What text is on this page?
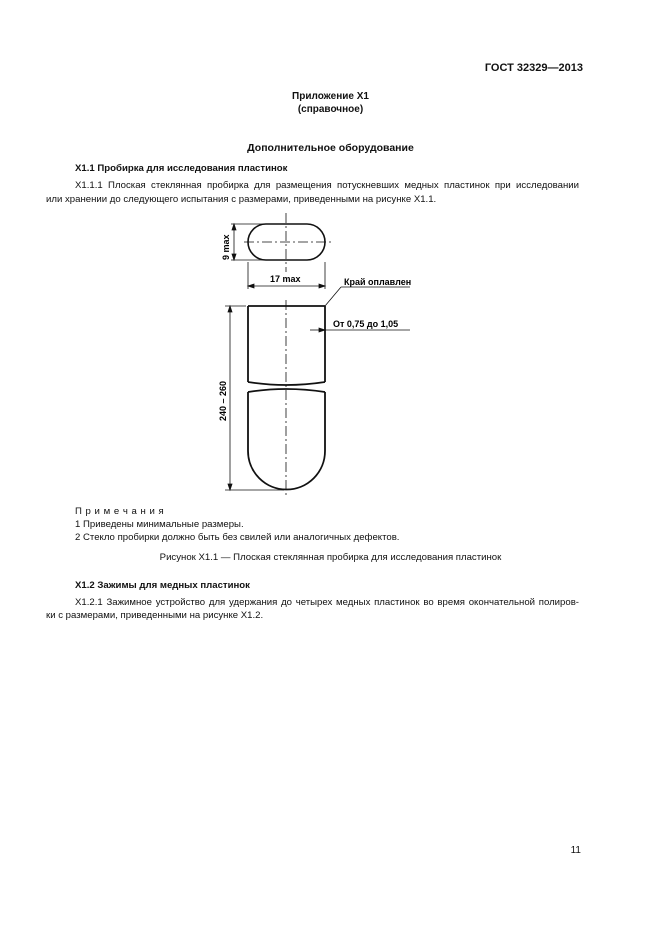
ГОСТ 32329—2013
Приложение Х1
(справочное)
Дополнительное оборудование
Х1.1 Пробирка для исследования пластинок
Х1.1.1 Плоская стеклянная пробирка для размещения потускневших медных пластинок при исследовании
или хранении до следующего испытания с размерами, приведенными на рисунке Х1.1.
9 max
17 max	Край оплавлен
От 0,75 до 1,05
240 – 260
П р и м е ч а н и я
1 Приведены минимальные размеры.
2 Стекло пробирки должно быть без свилей или аналогичных дефектов.
Рисунок Х1.1 — Плоская стеклянная пробирка для исследования пластинок
Х1.2 Зажимы для медных пластинок
Х1.2.1 Зажимное устройство для удержания до четырех медных пластинок во время окончательной полиров-
ки с размерами, приведенными на рисунке Х1.2.
11
